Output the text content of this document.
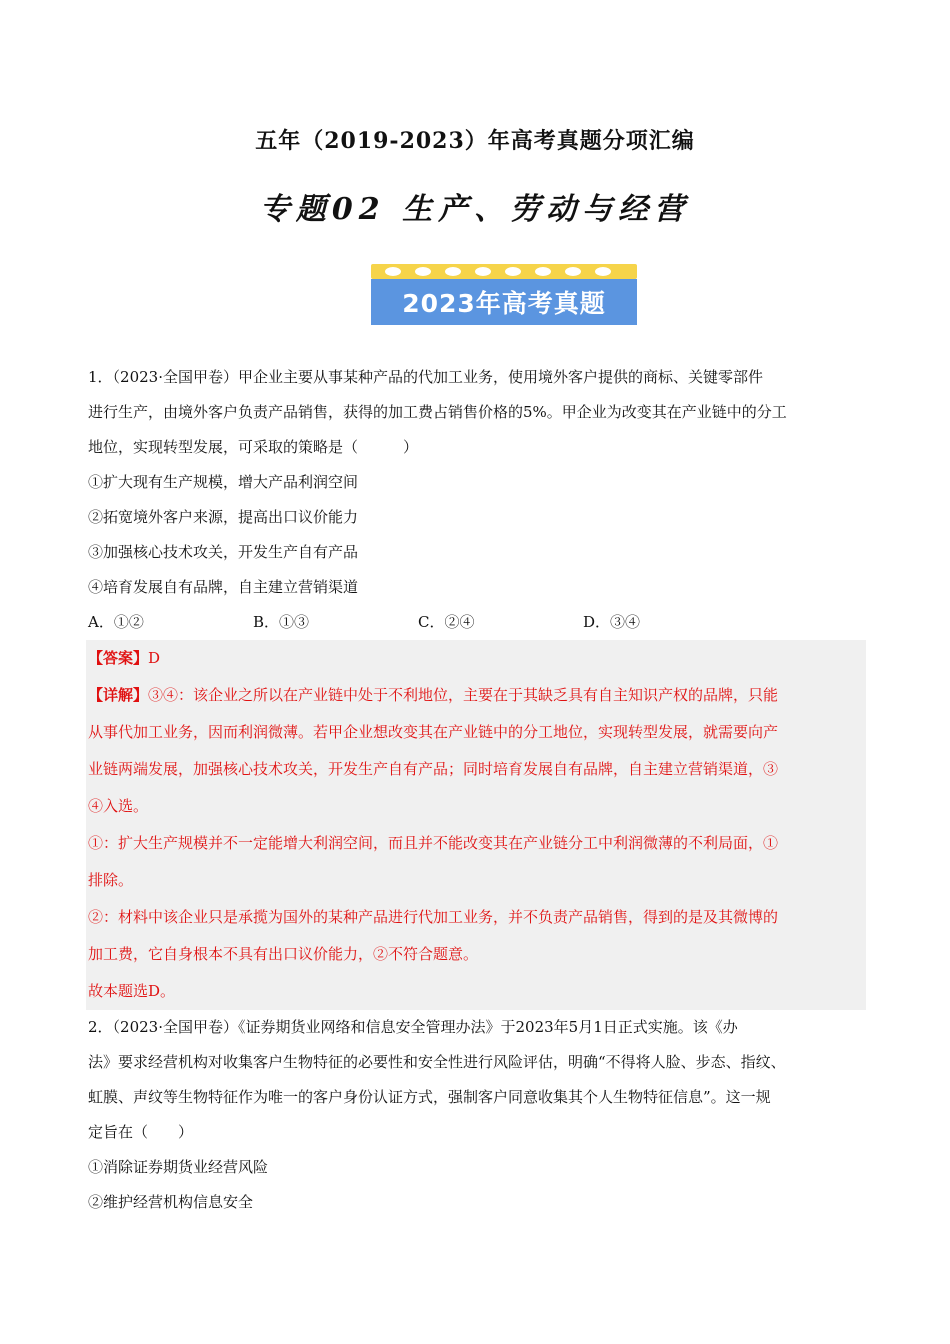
五年（2019-2023）年高考真题分项汇编
专题02 生产、劳动与经营
2023年高考真题

1．（2023·全国甲卷）甲企业主要从事某种产品的代加工业务，使用境外客户提供的商标、关键零部件

进行生产，由境外客户负责产品销售，获得的加工费占销售价格的5%。甲企业为改变其在产业链中的分工

地位，实现转型发展，可采取的策略是（　　　）

①扩大现有生产规模，增大产品利润空间

②拓宽境外客户来源，提高出口议价能力

③加强核心技术攻关，开发生产自有产品

④培育发展自有品牌，自主建立营销渠道

A．①②	B．①③	C．②④	D．③④

【答案】D

【详解】③④：该企业之所以在产业链中处于不利地位，主要在于其缺乏具有自主知识产权的品牌，只能

从事代加工业务，因而利润微薄。若甲企业想改变其在产业链中的分工地位，实现转型发展，就需要向产

业链两端发展，加强核心技术攻关，开发生产自有产品；同时培育发展自有品牌，自主建立营销渠道，③

④入选。

①：扩大生产规模并不一定能增大利润空间，而且并不能改变其在产业链分工中利润微薄的不利局面，①

排除。

②：材料中该企业只是承揽为国外的某种产品进行代加工业务，并不负责产品销售，得到的是及其微博的

加工费，它自身根本不具有出口议价能力，②不符合题意。

故本题选D。

2．（2023·全国甲卷）《证券期货业网络和信息安全管理办法》于2023年5月1日正式实施。该《办

法》要求经营机构对收集客户生物特征的必要性和安全性进行风险评估，明确“不得将人脸、步态、指纹、

虹膜、声纹等生物特征作为唯一的客户身份认证方式，强制客户同意收集其个人生物特征信息”。这一规

定旨在（　　）

①消除证券期货业经营风险

②维护经营机构信息安全
